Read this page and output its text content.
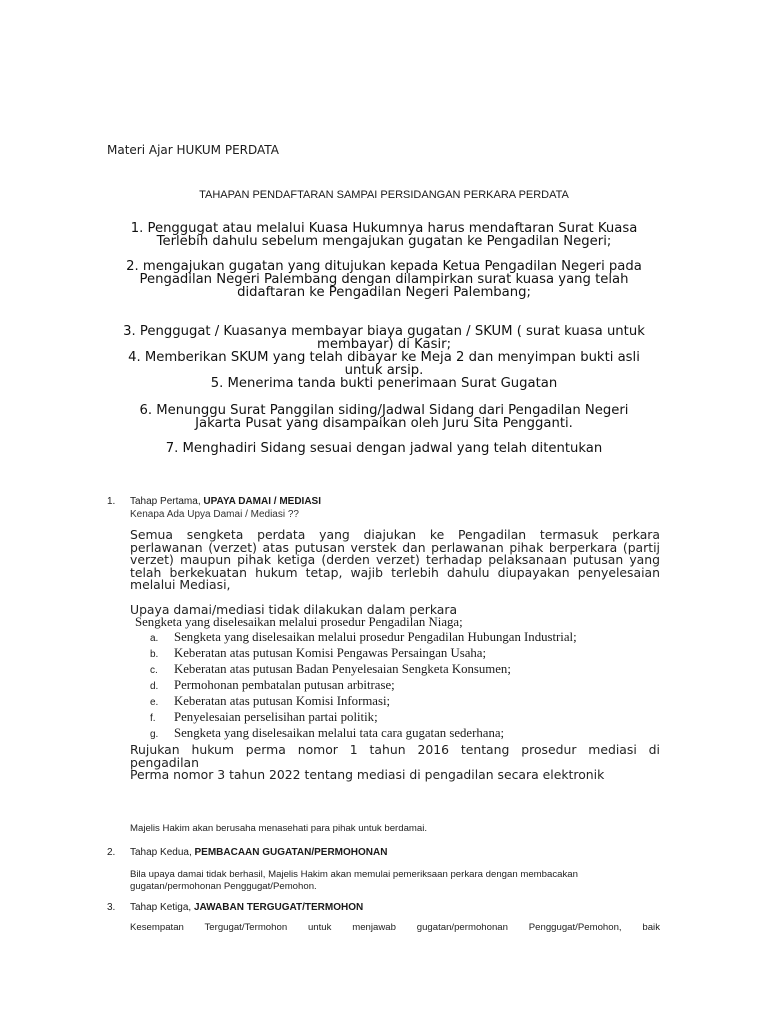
Materi Ajar HUKUM PERDATA
TAHAPAN PENDAFTARAN SAMPAI PERSIDANGAN PERKARA PERDATA
1. Penggugat atau melalui Kuasa Hukumnya harus mendaftaran Surat Kuasa
Terlebih dahulu sebelum mengajukan gugatan ke Pengadilan Negeri;
2. mengajukan gugatan yang ditujukan kepada Ketua Pengadilan Negeri pada
Pengadilan Negeri Palembang dengan dilampirkan surat kuasa yang telah
didaftaran ke Pengadilan Negeri Palembang;
3. Penggugat / Kuasanya membayar biaya gugatan / SKUM ( surat kuasa untuk
membayar) di Kasir;
4. Memberikan SKUM yang telah dibayar ke Meja 2 dan menyimpan bukti asli
untuk arsip.
5. Menerima tanda bukti penerimaan Surat Gugatan
6. Menunggu Surat Panggilan siding/Jadwal Sidang dari Pengadilan Negeri
Jakarta Pusat yang disampaikan oleh Juru Sita Pengganti.
7. Menghadiri Sidang sesuai dengan jadwal yang telah ditentukan
1. Tahap Pertama, UPAYA DAMAI / MEDIASI
Kenapa Ada Upya Damai / Mediasi ??
Semua sengketa perdata yang diajukan ke Pengadilan termasuk perkara
perlawanan (verzet) atas putusan verstek dan perlawanan pihak berperkara (partij
verzet) maupun pihak ketiga (derden verzet) terhadap pelaksanaan putusan yang
telah berkekuatan hukum tetap, wajib terlebih dahulu diupayakan penyelesaian
melalui Mediasi,
Upaya damai/mediasi tidak dilakukan dalam perkara
Sengketa yang diselesaikan melalui prosedur Pengadilan Niaga;
a. Sengketa yang diselesaikan melalui prosedur Pengadilan Hubungan Industrial;
b. Keberatan atas putusan Komisi Pengawas Persaingan Usaha;
c. Keberatan atas putusan Badan Penyelesaian Sengketa Konsumen;
d. Permohonan pembatalan putusan arbitrase;
e. Keberatan atas putusan Komisi Informasi;
f. Penyelesaian perselisihan partai politik;
g. Sengketa yang diselesaikan melalui tata cara gugatan sederhana;
Rujukan hukum perma nomor 1 tahun 2016 tentang prosedur mediasi di
pengadilan
Perma nomor 3 tahun 2022 tentang mediasi di pengadilan secara elektronik
Majelis Hakim akan berusaha menasehati para pihak untuk berdamai.
2. Tahap Kedua, PEMBACAAN GUGATAN/PERMOHONAN
Bila upaya damai tidak berhasil, Majelis Hakim akan memulai pemeriksaan perkara dengan membacakan
gugatan/permohonan Penggugat/Pemohon.
3. Tahap Ketiga, JAWABAN TERGUGAT/TERMOHON
Kesempatan Tergugat/Termohon untuk menjawab gugatan/permohonan Penggugat/Pemohon, baik
